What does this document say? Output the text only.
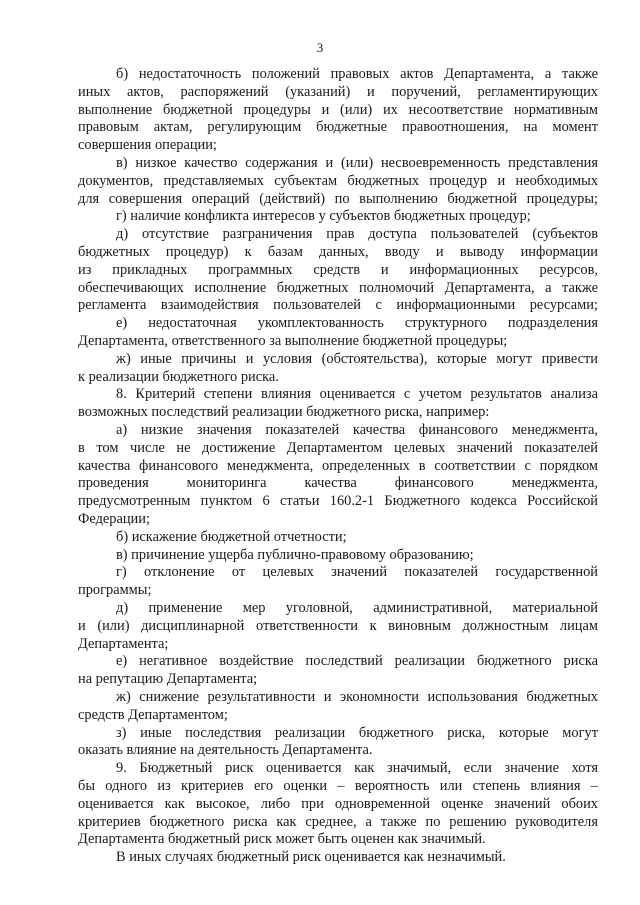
3
б) недостаточность положений правовых актов Департамента, а также
иных актов, распоряжений (указаний) и поручений, регламентирующих
выполнение бюджетной процедуры и (или) их несоответствие нормативным
правовым актам, регулирующим бюджетные правоотношения, на момент
совершения операции;
в) низкое качество содержания и (или) несвоевременность представления
документов, представляемых субъектам бюджетных процедур и необходимых
для совершения операций (действий) по выполнению бюджетной процедуры;
г) наличие конфликта интересов у субъектов бюджетных процедур;
д) отсутствие разграничения прав доступа пользователей (субъектов
бюджетных процедур) к базам данных, вводу и выводу информации
из прикладных программных средств и информационных ресурсов,
обеспечивающих исполнение бюджетных полномочий Департамента, а также
регламента взаимодействия пользователей с информационными ресурсами;
е) недостаточная укомплектованность структурного подразделения
Департамента, ответственного за выполнение бюджетной процедуры;
ж) иные причины и условия (обстоятельства), которые могут привести
к реализации бюджетного риска.
8. Критерий степени влияния оценивается с учетом результатов анализа
возможных последствий реализации бюджетного риска, например:
а) низкие значения показателей качества финансового менеджмента,
в том числе не достижение Департаментом целевых значений показателей
качества финансового менеджмента, определенных в соответствии с порядком
проведения мониторинга качества финансового менеджмента,
предусмотренным пунктом 6 статьи 160.2-1 Бюджетного кодекса Российской
Федерации;
б) искажение бюджетной отчетности;
в) причинение ущерба публично-правовому образованию;
г) отклонение от целевых значений показателей государственной
программы;
д) применение мер уголовной, административной, материальной
и (или) дисциплинарной ответственности к виновным должностным лицам
Департамента;
е) негативное воздействие последствий реализации бюджетного риска
на репутацию Департамента;
ж) снижение результативности и экономности использования бюджетных
средств Департаментом;
з) иные последствия реализации бюджетного риска, которые могут
оказать влияние на деятельность Департамента.
9. Бюджетный риск оценивается как значимый, если значение хотя
бы одного из критериев его оценки – вероятность или степень влияния –
оценивается как высокое, либо при одновременной оценке значений обоих
критериев бюджетного риска как среднее, а также по решению руководителя
Департамента бюджетный риск может быть оценен как значимый.
В иных случаях бюджетный риск оценивается как незначимый.
